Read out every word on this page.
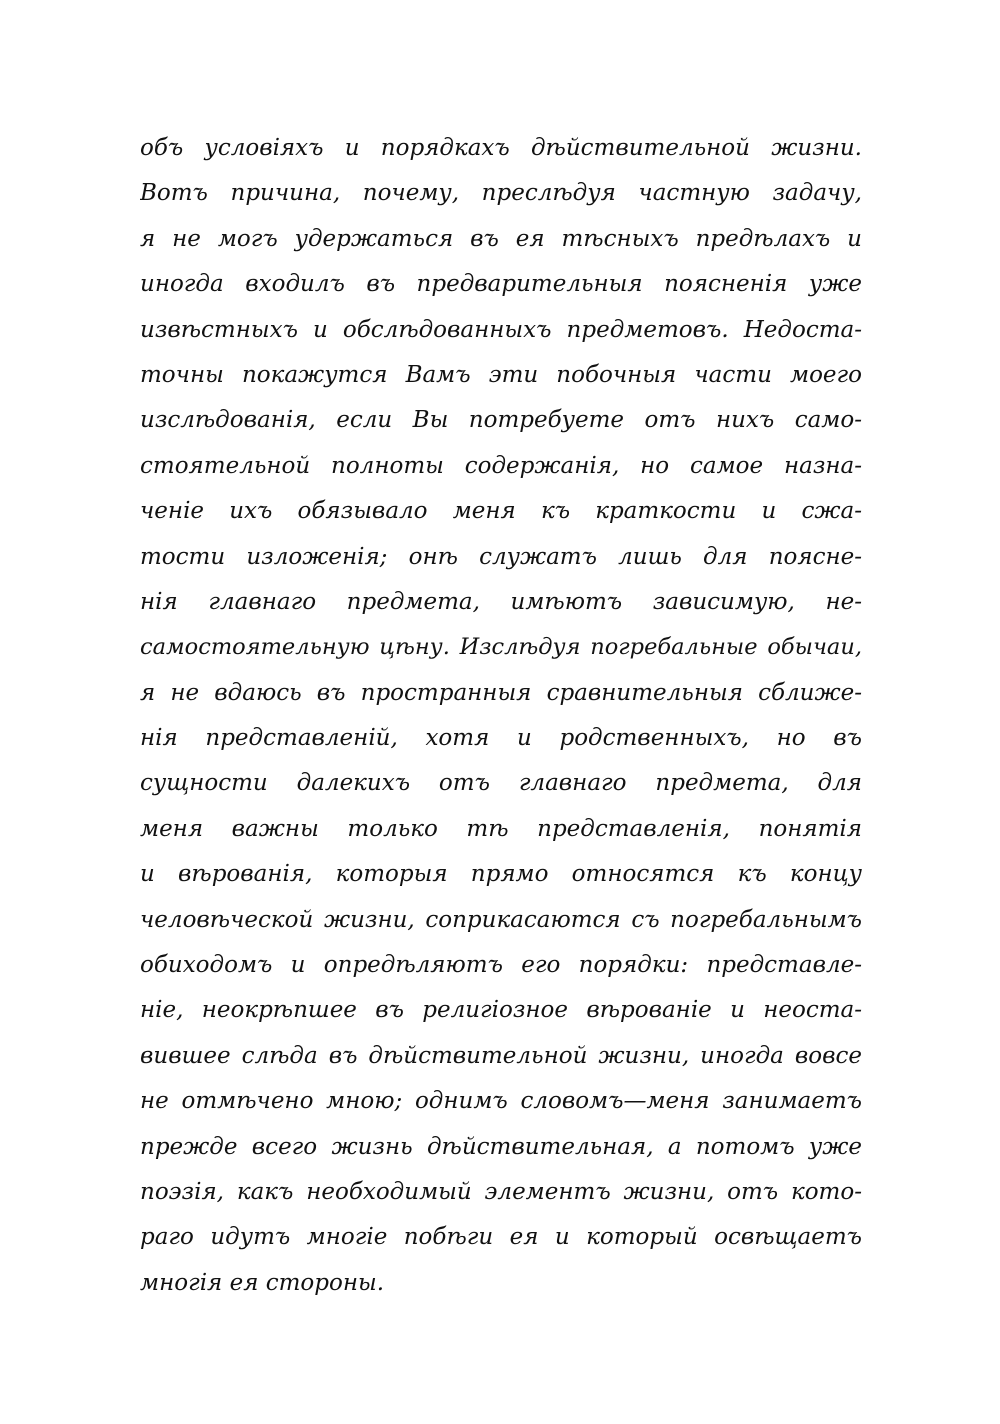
объ условіяхъ и порядкахъ дѣйствительной жизни.
Вотъ причина, почему, преслѣдуя частную задачу,
я не могъ удержаться въ ея тѣсныхъ предѣлахъ и
иногда входилъ въ предварительныя поясненія уже
извѣстныхъ и обслѣдованныхъ предметовъ. Недоста-
точны покажутся Вамъ эти побочныя части моего
изслѣдованія, если Вы потребуете отъ нихъ само-
стоятельной полноты содержанія, но самое назна-
ченіе ихъ обязывало меня къ краткости и сжа-
тости изложенія; онѣ служатъ лишь для поясне-
нія главнаго предмета, имѣютъ зависимую, не-
самостоятельную цѣну. Изслѣдуя погребальные обычаи,
я не вдаюсь въ пространныя сравнительныя сближе-
нія представленій, хотя и родственныхъ, но въ
сущности далекихъ отъ главнаго предмета, для
меня важны только тѣ представленія, понятія
и вѣрованія, которыя прямо относятся къ концу
человѣческой жизни, соприкасаются съ погребальнымъ
обиходомъ и опредѣляютъ его порядки: представле-
ніе, неокрѣпшее въ религіозное вѣрованіе и неоста-
вившее слѣда въ дѣйствительной жизни, иногда вовсе
не отмѣчено мною; однимъ словомъ—меня занимаетъ
прежде всего жизнь дѣйствительная, а потомъ уже
поэзія, какъ необходимый элементъ жизни, отъ кото-
раго идутъ многіе побѣги ея и который освѣщаетъ
многія ея стороны.
